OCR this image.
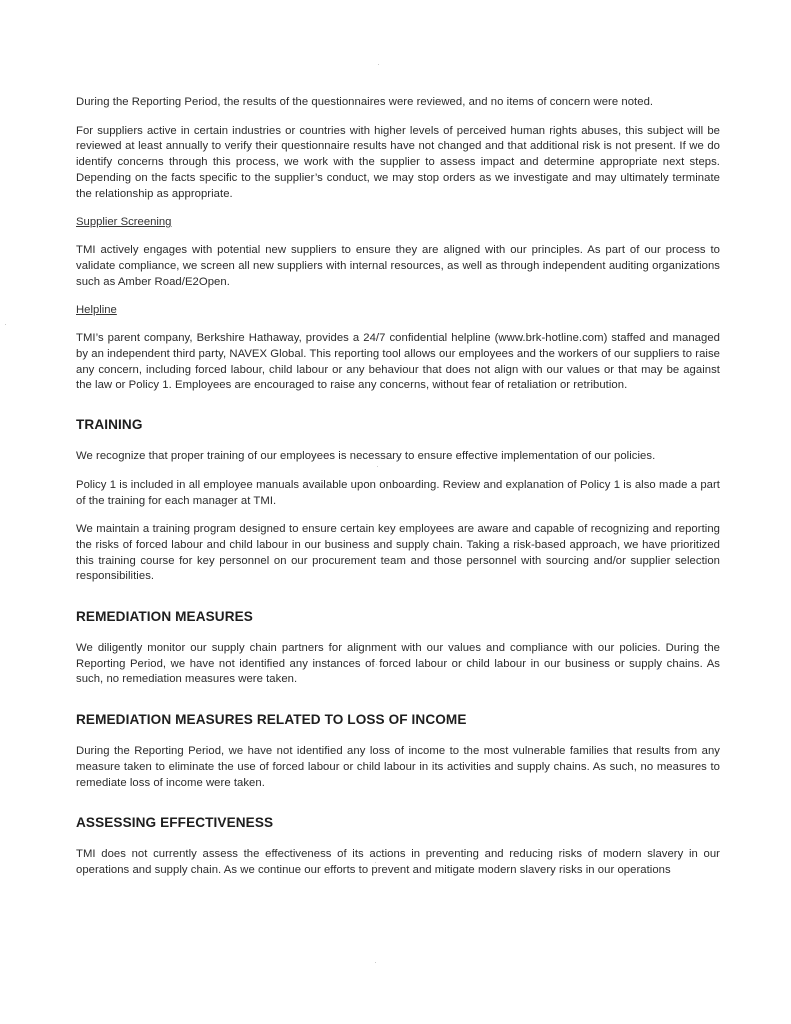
During the Reporting Period, the results of the questionnaires were reviewed, and no items of concern were noted.

For suppliers active in certain industries or countries with higher levels of perceived human rights abuses, this subject will be reviewed at least annually to verify their questionnaire results have not changed and that additional risk is not present. If we do identify concerns through this process, we work with the supplier to assess impact and determine appropriate next steps. Depending on the facts specific to the supplier’s conduct, we may stop orders as we investigate and may ultimately terminate the relationship as appropriate.

Supplier Screening

TMI actively engages with potential new suppliers to ensure they are aligned with our principles. As part of our process to validate compliance, we screen all new suppliers with internal resources, as well as through independent auditing organizations such as Amber Road/E2Open.

Helpline

TMI’s parent company, Berkshire Hathaway, provides a 24/7 confidential helpline (www.brk-hotline.com) staffed and managed by an independent third party, NAVEX Global. This reporting tool allows our employees and the workers of our suppliers to raise any concern, including forced labour, child labour or any behaviour that does not align with our values or that may be against the law or Policy 1. Employees are encouraged to raise any concerns, without fear of retaliation or retribution.

TRAINING

We recognize that proper training of our employees is necessary to ensure effective implementation of our policies.

Policy 1 is included in all employee manuals available upon onboarding. Review and explanation of Policy 1 is also made a part of the training for each manager at TMI.

We maintain a training program designed to ensure certain key employees are aware and capable of recognizing and reporting the risks of forced labour and child labour in our business and supply chain. Taking a risk-based approach, we have prioritized this training course for key personnel on our procurement team and those personnel with sourcing and/or supplier selection responsibilities.

REMEDIATION MEASURES

We diligently monitor our supply chain partners for alignment with our values and compliance with our policies. During the Reporting Period, we have not identified any instances of forced labour or child labour in our business or supply chains. As such, no remediation measures were taken.

REMEDIATION MEASURES RELATED TO LOSS OF INCOME

During the Reporting Period, we have not identified any loss of income to the most vulnerable families that results from any measure taken to eliminate the use of forced labour or child labour in its activities and supply chains. As such, no measures to remediate loss of income were taken.

ASSESSING EFFECTIVENESS

TMI does not currently assess the effectiveness of its actions in preventing and reducing risks of modern slavery in our operations and supply chain. As we continue our efforts to prevent and mitigate modern slavery risks in our operations
